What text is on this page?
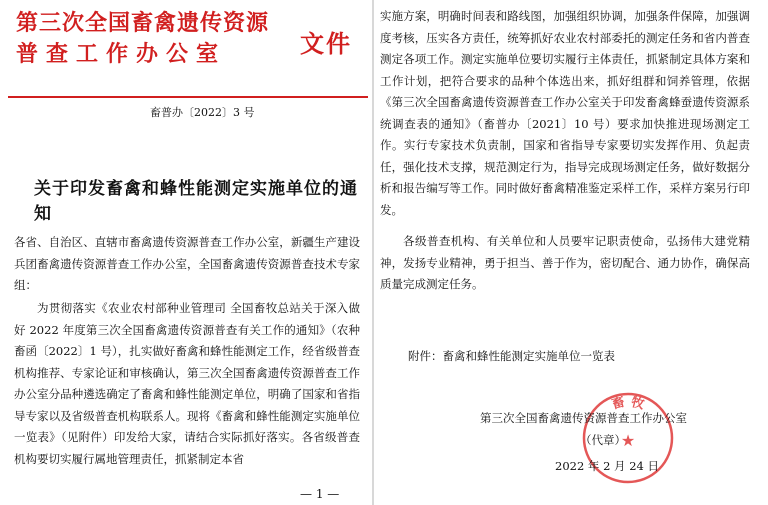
第三次全国畜禽遗传资源
普查工作办公室	文件
畜普办〔2022〕3 号
关于印发畜禽和蜂性能测定实施单位的通知
各省、自治区、直辖市畜禽遗传资源普查工作办公室，新疆生产建设兵团畜禽遗传资源普查工作办公室，全国畜禽遗传资源普查技术专家组：

为贯彻落实《农业农村部种业管理司 全国畜牧总站关于深入做好 2022 年度第三次全国畜禽遗传资源普查有关工作的通知》（农种畜函〔2022〕1 号），扎实做好畜禽和蜂性能测定工作，经省级普查机构推荐、专家论证和审核确认，第三次全国畜禽遗传资源普查工作办公室分品种遴选确定了畜禽和蜂性能测定单位，明确了国家和省指导专家以及省级普查机构联系人。现将《畜禽和蜂性能测定实施单位一览表》（见附件）印发给大家，请结合实际抓好落实。各省级普查机构要切实履行属地管理责任，抓紧制定本省

— 1 —

实施方案，明确时间表和路线图，加强组织协调，加强条件保障，加强调度考核，压实各方责任，统筹抓好农业农村部委托的测定任务和省内普查测定各项工作。测定实施单位要切实履行主体责任，抓紧制定具体方案和工作计划，把符合要求的品种个体选出来，抓好组群和饲养管理，依据《第三次全国畜禽遗传资源普查工作办公室关于印发畜禽蜂蚕遗传资源系统调查表的通知》（畜普办〔2021〕10 号）要求加快推进现场测定工作。实行专家技术负责制，国家和省指导专家要切实发挥作用、负起责任，强化技术支撑，规范测定行为，指导完成现场测定任务，做好数据分析和报告编写等工作。同时做好畜禽精准鉴定采样工作，采样方案另行印发。

各级普查机构、有关单位和人员要牢记职责使命，弘扬伟大建党精神，发扬专业精神，勇于担当、善于作为，密切配合、通力协作，确保高质量完成测定任务。

附件：畜禽和蜂性能测定实施单位一览表
畜 牧
★
第三次全国畜禽遗传资源普查工作办公室
（代章）
2022 年 2 月 24 日
